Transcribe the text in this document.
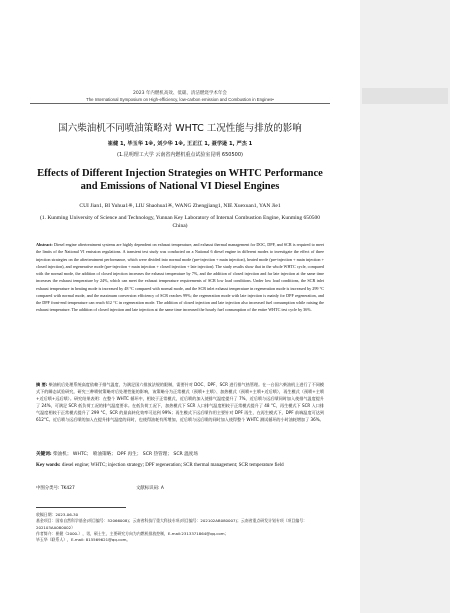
2023 年内燃机高效、低碳、清洁燃烧学术年会
The International Symposium on High-efficiency, low-carbon emission and Combustion in Engines•
国六柴油机不同喷油策略对 WHTC 工况性能与排放的影响
崔健 1, 毕玉华 1※, 刘少华 1※, 王正江 1, 聂学逊 1, 严杰 1
(1.昆明理工大学 云南省内燃机重点试验室昆明 650500)
Effects of Different Injection Strategies on WHTC Performance
and Emissions of National VI Diesel Engines
CUI Jian1, BI Yuhua1※, LIU Shaohua1※, WANG Zhengjiang1, NIE Xuexuan1, YAN Jie1
(1. Kunming University of Science and Technology, Yunnan Key Laboratory of Internal Combustion Engine, Kunming 650500 China)
Abstract: Diesel engine aftertreatment systems are highly dependent on exhaust temperature, and exhaust thermal management for DOC, DPF, and SCR is required to meet the limits of the National VI emission regulations. A transient test study was conducted on a National 6 diesel engine in different modes to investigate the effect of three injection strategies on the aftertreatment performance, which were divided into normal mode (pre-injection + main injection), heated mode (pre-injection + main injection + closed injection), and regenerative mode (pre-injection + main injection + closed injection + late injection). The study results show that in the whole WHTC cycle, compared with the normal mode, the addition of closed injection increases the exhaust temperature by 7%, and the addition of closed injection and far late injection at the same time increases the exhaust temperature by 24%, which can meet the exhaust temperature requirements of SCR low load conditions. Under low load conditions, the SCR inlet exhaust temperature in heating mode is increased by 48 °C compared with normal mode, and the SCR inlet exhaust temperature in regeneration mode is increased by 299 °C compared with normal mode, and the maximum conversion efficiency of SCR reaches 99%; the regeneration mode with late injection is mainly for DPF regeneration, and the DPF front-end temperature can reach 612 °C in regeneration mode. The addition of closed injection and late injection also increased fuel consumption while raising the exhaust temperature. The addition of closed injection and late injection at the same time increased the hourly fuel consumption of the entire WHTC test cycle by 36%.
摘 要: 柴油机后处理系统高度依赖于排气温度，为满足国六排放法规的限制，需要针对 DOC、DPF、SCR 进行排气热管理。在一台国六柴油机上进行了不同模式下的瞬态试验研究，研究三种喷射策略对后处理性能的影响，该策略分为正常模式（预喷+主喷）、加热模式（预喷+主喷+近后喷），再生模式（预喷+主喷+近后喷+远后喷）。研究结果表明：在整个 WHTC 循环中，相较于正常模式，近后喷的加入使排气温度提升了 7%，近后喷与远后喷同时加入使排气温度提升了 24%，可满足 SCR 低负荷工况的排气温度要求。在低负荷工况下，加热模式下 SCR 入口排气温度相较于正常模式提升了 48 °C，再生模式下 SCR 入口排气温度相较于正常模式提升了 299 °C，SCR 的最高转化效率可达到 99%；再生模式下远后喷作用主要针对 DPF 再生，在再生模式下，DPF 前端温度可达到 612°C。近后喷与远后喷的加入在提升排气温度的同时，也使得油耗有所增加，近后喷与远后喷的同时加入使得整个 WHTC 测试循环的小时油耗增加了 36%。
关键词: 柴油机； WHTC； 喷油策略； DPF 再生； SCR 热管理； SCR 温度场
Key words: diesel engine; WHTC; injection strategy; DPF regeneration; SCR thermal management; SCR temperature field
中图分类号: TK427	文献标识码: A
收稿日期：2023-06-30
基金项目：国家自然科学基金(项目编号：52066008)；云南省科技厅重大科技专项(项目编号：202102AB080007)；云南省重点研发计划专项（项目编号：202103AA080002）
作者简介：崔健（2000-），男，硕士生，主要研究方向为内燃机排放控制，E-mail:2313371864@qq.com；
毕玉华（联系人），E-mail: 815569621@qq.com。
